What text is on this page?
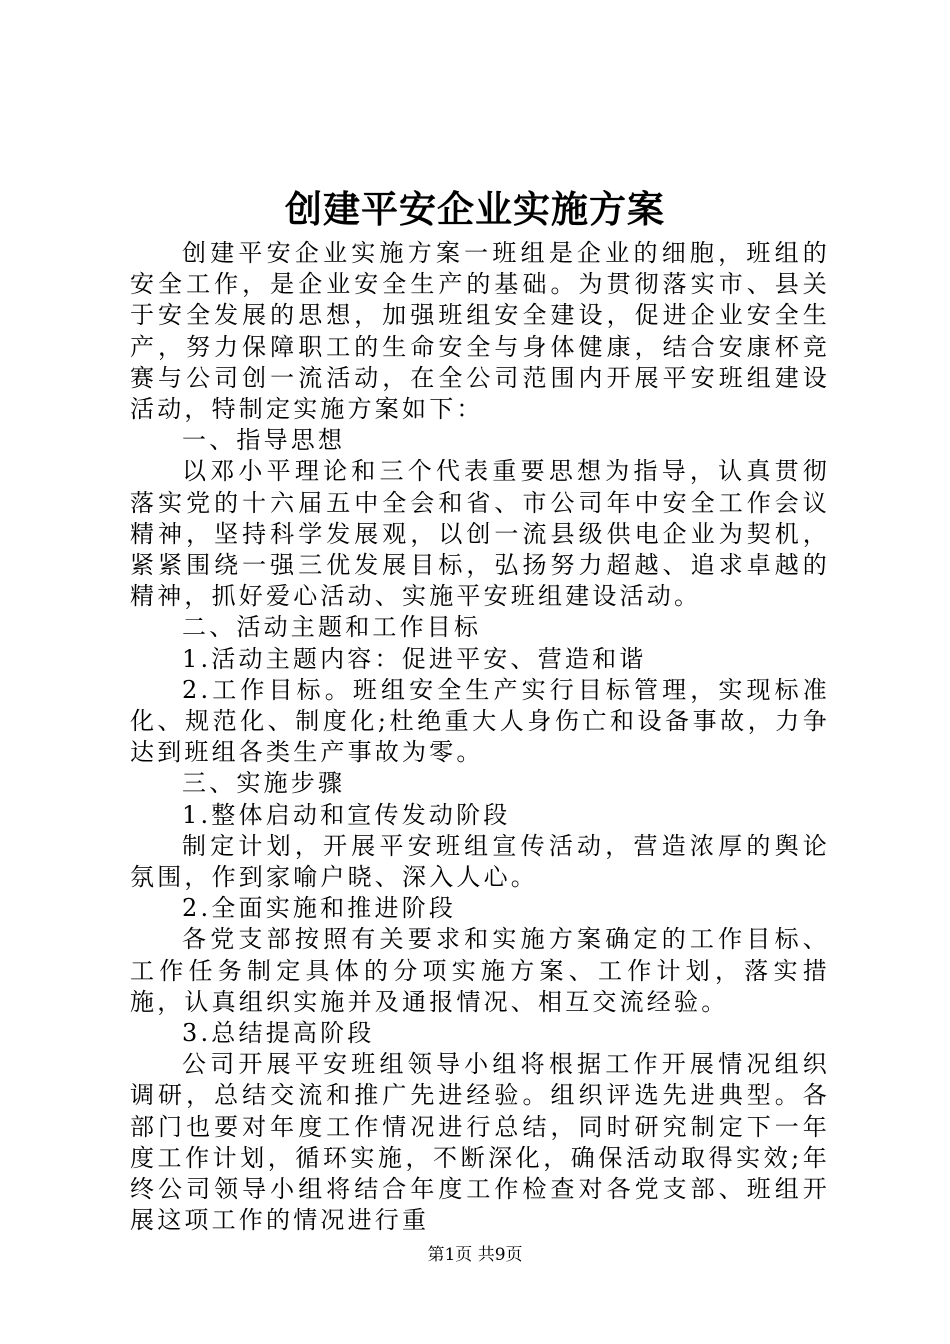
创建平安企业实施方案

创建平安企业实施方案一班组是企业的细胞，班组的安全工作，是企业安全生产的基础。为贯彻落实市、县关于安全发展的思想，加强班组安全建设，促进企业安全生产，努力保障职工的生命安全与身体健康，结合安康杯竞赛与公司创一流活动，在全公司范围内开展平安班组建设活动，特制定实施方案如下：

一、指导思想

以邓小平理论和三个代表重要思想为指导，认真贯彻落实党的十六届五中全会和省、市公司年中安全工作会议精神，坚持科学发展观，以创一流县级供电企业为契机，紧紧围绕一强三优发展目标，弘扬努力超越、追求卓越的精神，抓好爱心活动、实施平安班组建设活动。

二、活动主题和工作目标

1.活动主题内容：促进平安、营造和谐

2.工作目标。班组安全生产实行目标管理，实现标准化、规范化、制度化;杜绝重大人身伤亡和设备事故，力争达到班组各类生产事故为零。

三、实施步骤

1.整体启动和宣传发动阶段

制定计划，开展平安班组宣传活动，营造浓厚的舆论氛围，作到家喻户晓、深入人心。

2.全面实施和推进阶段

各党支部按照有关要求和实施方案确定的工作目标、工作任务制定具体的分项实施方案、工作计划，落实措施，认真组织实施并及通报情况、相互交流经验。

3.总结提高阶段

公司开展平安班组领导小组将根据工作开展情况组织调研，总结交流和推广先进经验。组织评选先进典型。各部门也要对年度工作情况进行总结，同时研究制定下一年度工作计划，循环实施，不断深化，确保活动取得实效;年终公司领导小组将结合年度工作检查对各党支部、班组开展这项工作的情况进行重

第1页 共9页
